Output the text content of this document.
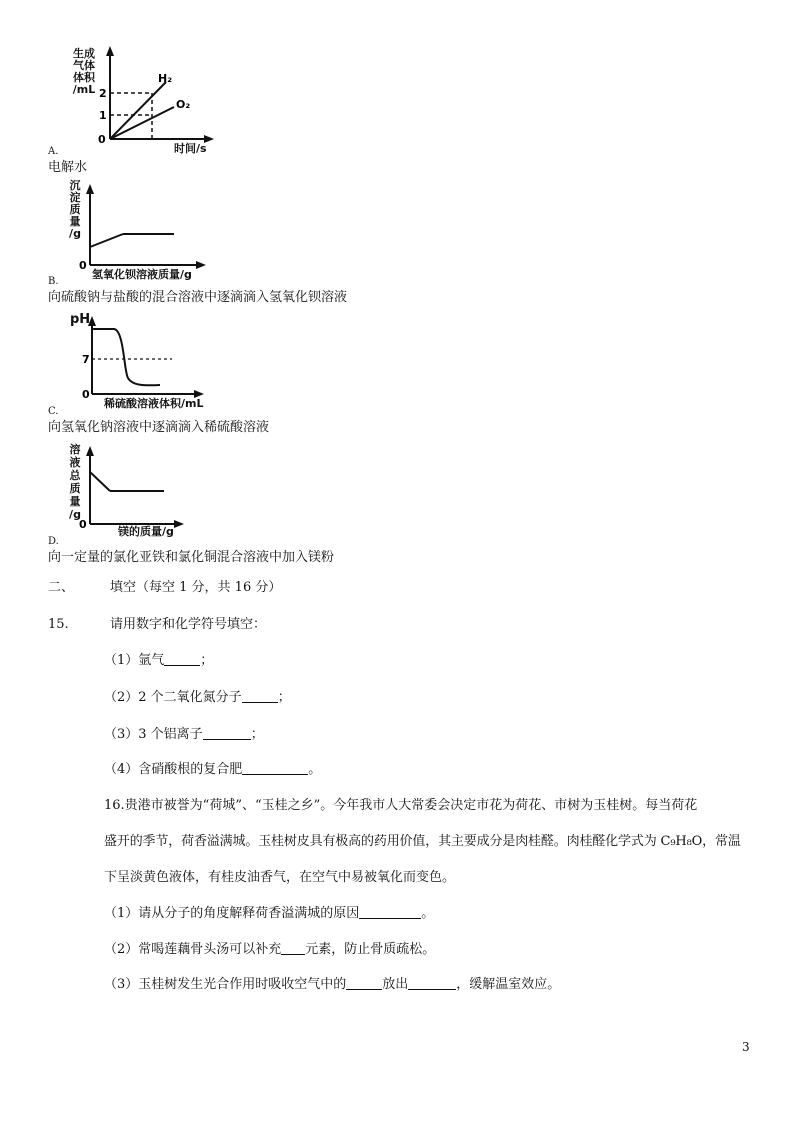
生成
气体
体积
/mL 2
1
0
H₂
O₂
时间/s
A.
电解水
沉
淀
质
量
/g
0
氢氧化钡溶液质量/g
B.
向硫酸钠与盐酸的混合溶液中逐滴滴入氢氧化钡溶液
pH
7
0
稀硫酸溶液体积/mL
C.
向氢氧化钠溶液中逐滴滴入稀硫酸溶液
溶
液
总
质
量
/g
0
镁的质量/g
D.
向一定量的氯化亚铁和氯化铜混合溶液中加入镁粉
二、	填空（每空 1 分，共 16 分）
15.	请用数字和化学符号填空：
（1）氩气	；
（2）2 个二氧化氮分子	；
（3）3 个铝离子	；
（4）含硝酸根的复合肥	。
16.贵港市被誉为“荷城”、“玉桂之乡”。今年我市人大常委会决定市花为荷花、市树为玉桂树。每当荷花
盛开的季节，荷香溢满城。玉桂树皮具有极高的药用价值，其主要成分是肉桂醛。肉桂醛化学式为 C₉H₈O，常温
下呈淡黄色液体，有桂皮油香气，在空气中易被氧化而变色。
（1）请从分子的角度解释荷香溢满城的原因	。
（2）常喝莲藕骨头汤可以补充 元素，防止骨质疏松。
（3）玉桂树发生光合作用时吸收空气中的	放出	，缓解温室效应。
3
